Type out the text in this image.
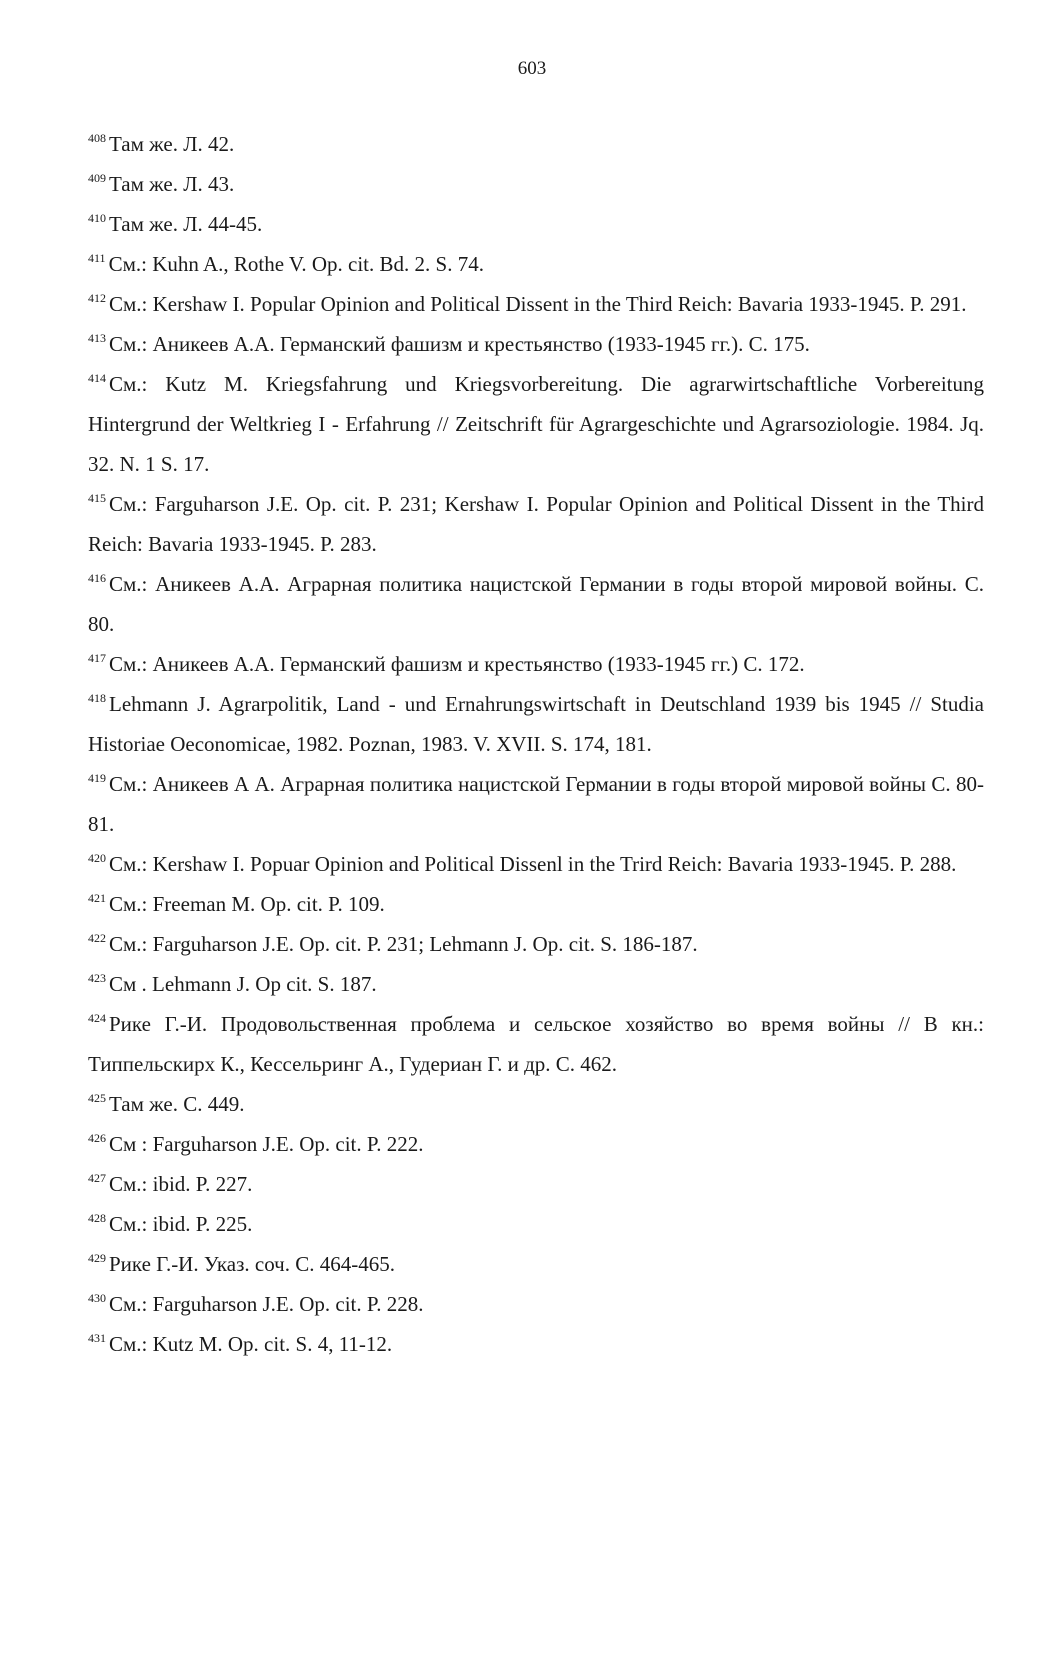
603
$^{408}$ Там же. Л. 42.
$^{409}$ Там же. Л. 43.
$^{410}$ Там же. Л. 44-45.
$^{411}$ См.: Kuhn A., Rothe V. Op. cit. Bd. 2. S. 74.
$^{412}$ См.: Kershaw I. Popular Opinion and Political Dissent in the Third Reich: Bavaria 1933-1945. P. 291.
$^{413}$ См.: Аникеев А.А. Германский фашизм и крестьянство (1933-1945 гг.). С. 175.
$^{414}$ См.: Kutz M. Kriegsfahrung und Kriegsvorbereitung. Die agrarwirtschaftliche Vorbereitung Hintergrund der Weltkrieg I - Erfahrung // Zeitschrift für Agrargeschichte und Agrarsoziologie. 1984. Jq. 32. N. 1 S. 17.
$^{415}$ См.: Farguharson J.E. Op. cit. P. 231; Kershaw I. Popular Opinion and Political Dissent in the Third Reich: Bavaria 1933-1945. P. 283.
$^{416}$ См.: Аникеев А.А. Аграрная политика нацистской Германии в годы второй мировой войны. С. 80.
$^{417}$ См.: Аникеев А.А. Германский фашизм и крестьянство (1933-1945 гг.) С. 172.
$^{418}$ Lehmann J. Agrarpolitik, Land - und Ernahrungswirtschaft in Deutschland 1939 bis 1945 // Studia Historiae Oeconomicae, 1982. Poznan, 1983. V. XVII. S. 174, 181.
$^{419}$ См.: Аникеев А А. Аграрная политика нацистской Германии в годы второй мировой войны С. 80-81.
$^{420}$ См.: Kershaw I. Popuar Opinion and Political Dissenl in the Trird Reich: Bavaria 1933-1945. P. 288.
$^{421}$ См.: Freeman M. Op. cit. P. 109.
$^{422}$ См.: Farguharson J.E. Op. cit. P. 231; Lehmann J. Op. cit. S. 186-187.
$^{423}$ См . Lehmann J. Op cit. S. 187.
$^{424}$ Рике Г.-И. Продовольственная проблема и сельское хозяйство во время войны // В кн.: Типпельскирх К., Кессельринг А., Гудериан Г. и др. С. 462.
$^{425}$ Там же. С. 449.
$^{426}$ См : Farguharson J.E. Op. cit. P. 222.
$^{427}$ См.: ibid. P. 227.
$^{428}$ См.: ibid. P. 225.
$^{429}$ Рике Г.-И. Указ. соч. С. 464-465.
$^{430}$ См.: Farguharson J.E. Op. cit. P. 228.
$^{431}$ См.: Kutz M. Op. cit. S. 4, 11-12.
